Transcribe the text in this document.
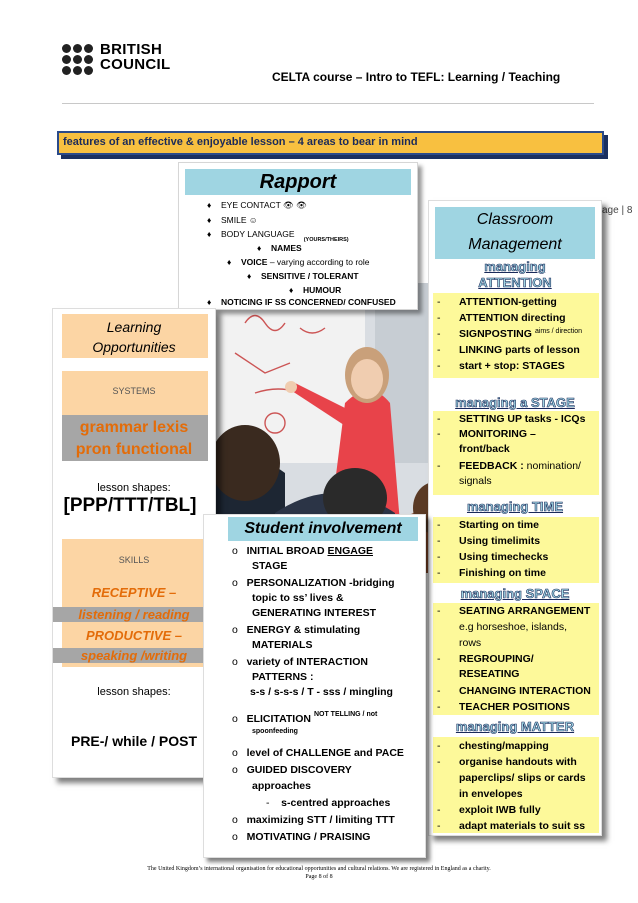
BRITISH
COUNCIL
CELTA course – Intro to TEFL: Learning / Teaching
features of an effective & enjoyable lesson – 4 areas to bear in mind
age | 8
Rapport
♦ EYE CONTACT 👁 👁
♦ SMILE ☺
♦ BODY LANGUAGE
♦ $NAMES^{(YOURS/THEIRS)}$
♦ VOICE – varying according to role
♦ SENSITIVE / TOLERANT
♦ HUMOUR
♦ NOTICING IF SS CONCERNED/ CONFUSED
Classroom
Management
managing
ATTENTION
- ATTENTION-getting
- ATTENTION directing
- SIGNPOSTING $^{aims / direction}$
- LINKING parts of lesson
- start + stop: STAGES
managing a STAGE
- SETTING UP tasks - ICQs
- MONITORING –
front/back
- FEEDBACK : nomination/
signals
managing TIME
- Starting on time
- Using timelimits
- Using timechecks
- Finishing on time
managing SPACE
- SEATING ARRANGEMENT
e.g horseshoe, islands,
rows
- REGROUPING/
RESEATING
- CHANGING INTERACTION
- TEACHER POSITIONS
managing MATTER
- chesting/mapping
- organise handouts with
paperclips/ slips or cards
in envelopes
- exploit IWB fully
- adapt materials to suit ss
Learning
Opportunities
SYSTEMS
grammar lexis
pron functional
lesson shapes:
[PPP/TTT/TBL]
SKILLS
RECEPTIVE –
listening / reading
PRODUCTIVE –
speaking /writing
lesson shapes:
PRE-/ while / POST
Student involvement
o   INITIAL BROAD ENGAGE
STAGE
o   PERSONALIZATION -bridging
topic to ss’ lives &
GENERATING INTEREST
o   ENERGY & stimulating
MATERIALS
o   variety of INTERACTION
PATTERNS :
s-s / s-s-s / T - sss / mingling
o   ELICITATION $^{NOT TELLING / not}$
spoonfeeding
o   level of CHALLENGE and PACE
o   GUIDED DISCOVERY
approaches
-    s-centred approaches
o   maximizing STT / limiting TTT
o   MOTIVATING / PRAISING
The United Kingdom’s international organisation for educational opportunities and cultural relations. We are registered in England as a charity.
Page 8 of 8
